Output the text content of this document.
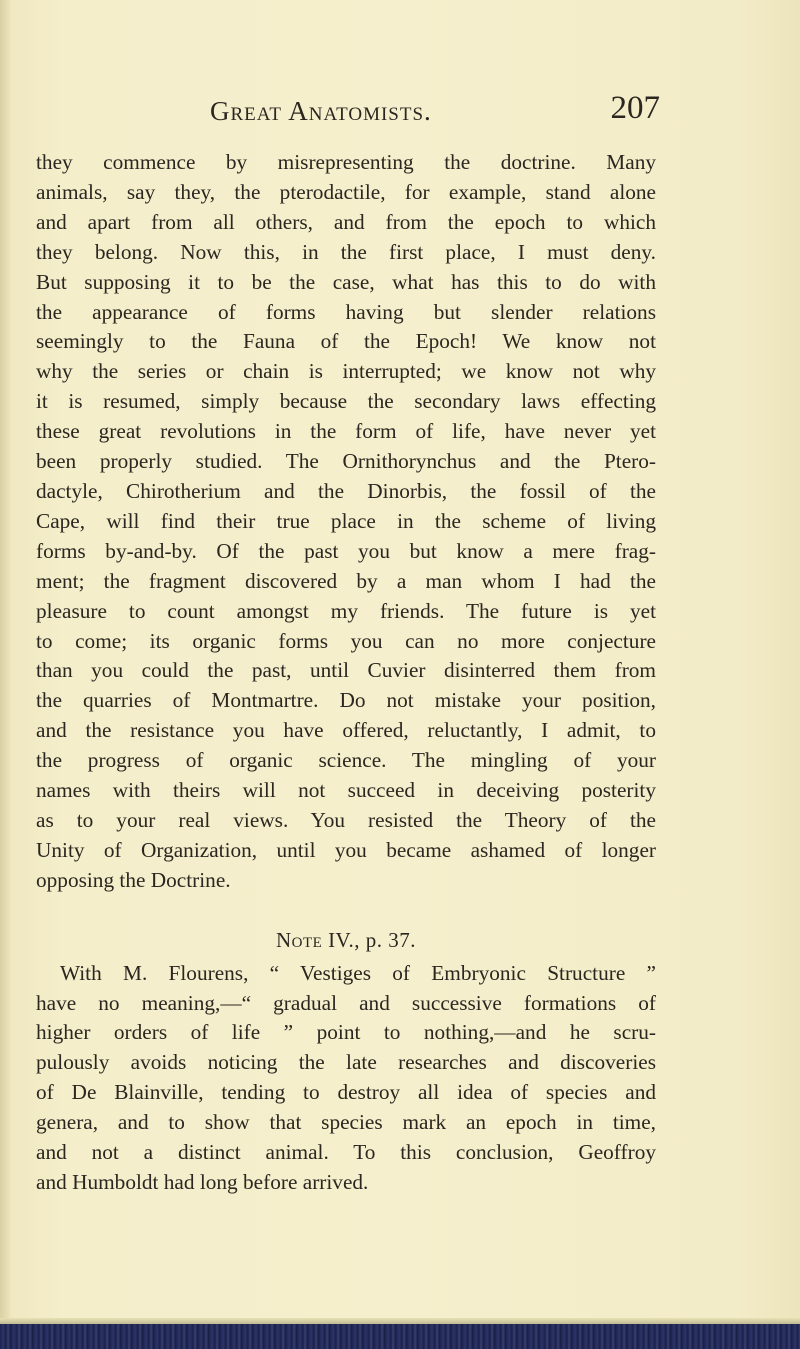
Great Anatomists.	207
they commence by misrepresenting the doctrine. Many
animals, say they, the pterodactile, for example, stand alone
and apart from all others, and from the epoch to which
they belong. Now this, in the first place, I must deny.
But supposing it to be the case, what has this to do with
the appearance of forms having but slender relations
seemingly to the Fauna of the Epoch! We know not
why the series or chain is interrupted; we know not why
it is resumed, simply because the secondary laws effecting
these great revolutions in the form of life, have never yet
been properly studied. The Ornithorynchus and the Ptero-
dactyle, Chirotherium and the Dinorbis, the fossil of the
Cape, will find their true place in the scheme of living
forms by-and-by. Of the past you but know a mere frag-
ment; the fragment discovered by a man whom I had the
pleasure to count amongst my friends. The future is yet
to come; its organic forms you can no more conjecture
than you could the past, until Cuvier disinterred them from
the quarries of Montmartre. Do not mistake your position,
and the resistance you have offered, reluctantly, I admit, to
the progress of organic science. The mingling of your
names with theirs will not succeed in deceiving posterity
as to your real views. You resisted the Theory of the
Unity of Organization, until you became ashamed of longer
opposing the Doctrine.
Note IV., p. 37.
With M. Flourens, “ Vestiges of Embryonic Structure ”
have no meaning,—“ gradual and successive formations of
higher orders of life ” point to nothing,—and he scru-
pulously avoids noticing the late researches and discoveries
of De Blainville, tending to destroy all idea of species and
genera, and to show that species mark an epoch in time,
and not a distinct animal. To this conclusion, Geoffroy
and Humboldt had long before arrived.
